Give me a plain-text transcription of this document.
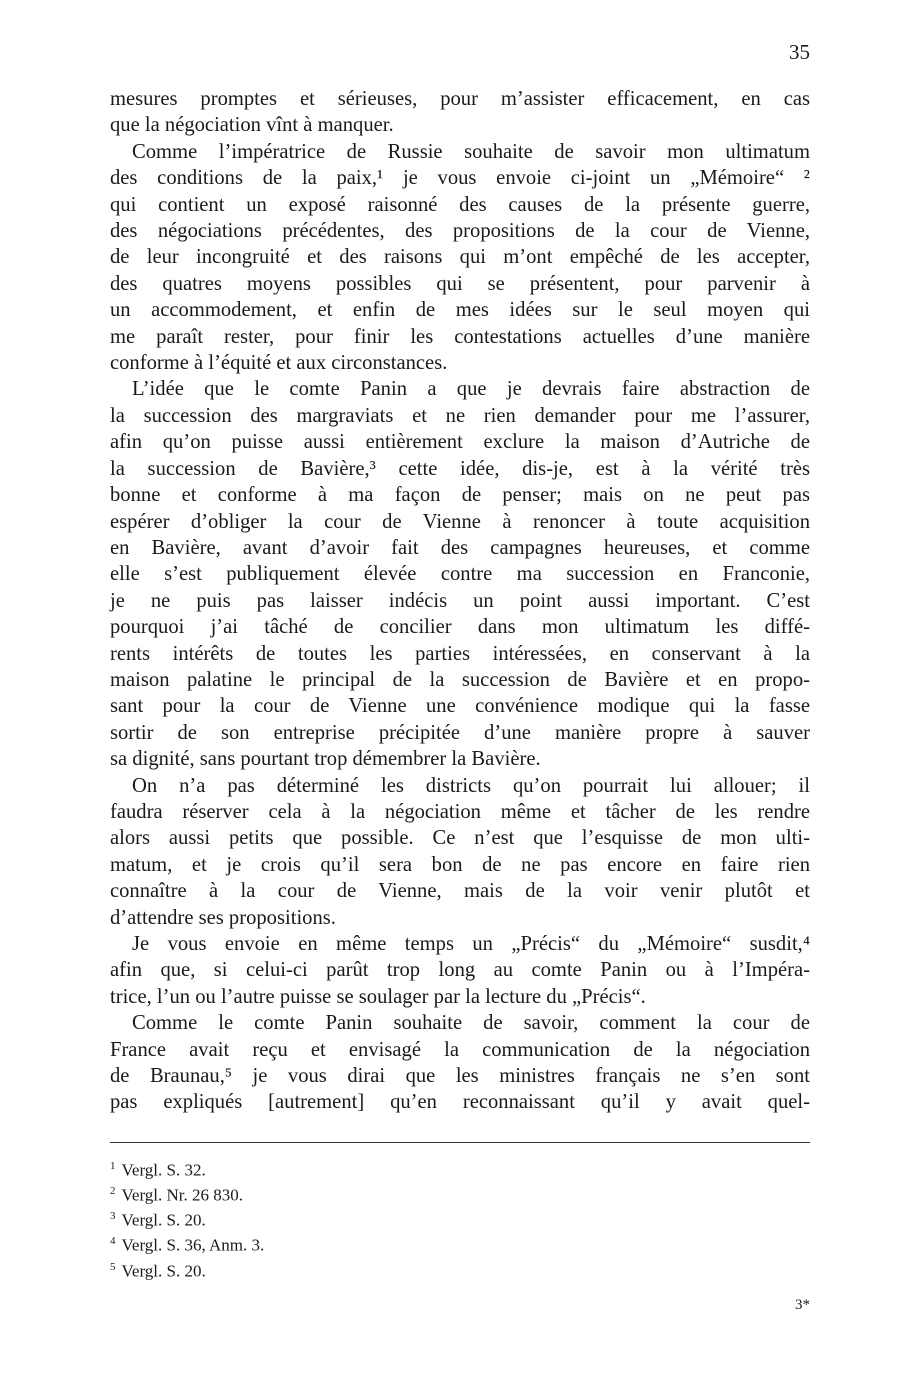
35
mesures promptes et sérieuses, pour m’assister efficacement, en cas
que la négociation vînt à manquer.
Comme l’impératrice de Russie souhaite de savoir mon ultimatum
des conditions de la paix,¹ je vous envoie ci-joint un „Mémoire“ ²
qui contient un exposé raisonné des causes de la présente guerre,
des négociations précédentes, des propositions de la cour de Vienne,
de leur incongruité et des raisons qui m’ont empêché de les accepter,
des quatres moyens possibles qui se présentent, pour parvenir à
un accommodement, et enfin de mes idées sur le seul moyen qui
me paraît rester, pour finir les contestations actuelles d’une manière
conforme à l’équité et aux circonstances.
L’idée que le comte Panin a que je devrais faire abstraction de
la succession des margraviats et ne rien demander pour me l’assurer,
afin qu’on puisse aussi entièrement exclure la maison d’Autriche de
la succession de Bavière,³ cette idée, dis-je, est à la vérité très
bonne et conforme à ma façon de penser; mais on ne peut pas
espérer d’obliger la cour de Vienne à renoncer à toute acquisition
en Bavière, avant d’avoir fait des campagnes heureuses, et comme
elle s’est publiquement élevée contre ma succession en Franconie,
je ne puis pas laisser indécis un point aussi important. C’est
pourquoi j’ai tâché de concilier dans mon ultimatum les diffé-
rents intérêts de toutes les parties intéressées, en conservant à la
maison palatine le principal de la succession de Bavière et en propo-
sant pour la cour de Vienne une convénience modique qui la fasse
sortir de son entreprise précipitée d’une manière propre à sauver
sa dignité, sans pourtant trop démembrer la Bavière.
On n’a pas déterminé les districts qu’on pourrait lui allouer; il
faudra réserver cela à la négociation même et tâcher de les rendre
alors aussi petits que possible. Ce n’est que l’esquisse de mon ulti-
matum, et je crois qu’il sera bon de ne pas encore en faire rien
connaître à la cour de Vienne, mais de la voir venir plutôt et
d’attendre ses propositions.
Je vous envoie en même temps un „Précis“ du „Mémoire“ susdit,⁴
afin que, si celui-ci parût trop long au comte Panin ou à l’Impéra-
trice, l’un ou l’autre puisse se soulager par la lecture du „Précis“.
Comme le comte Panin souhaite de savoir, comment la cour de
France avait reçu et envisagé la communication de la négociation
de Braunau,⁵ je vous dirai que les ministres français ne s’en sont
pas expliqués [autrement] qu’en reconnaissant qu’il y avait quel-
$^1$ Vergl. S. 32.
$^2$ Vergl. Nr. 26 830.
$^3$ Vergl. S. 20.
$^4$ Vergl. S. 36, Anm. 3.
$^5$ Vergl. S. 20.
3*
